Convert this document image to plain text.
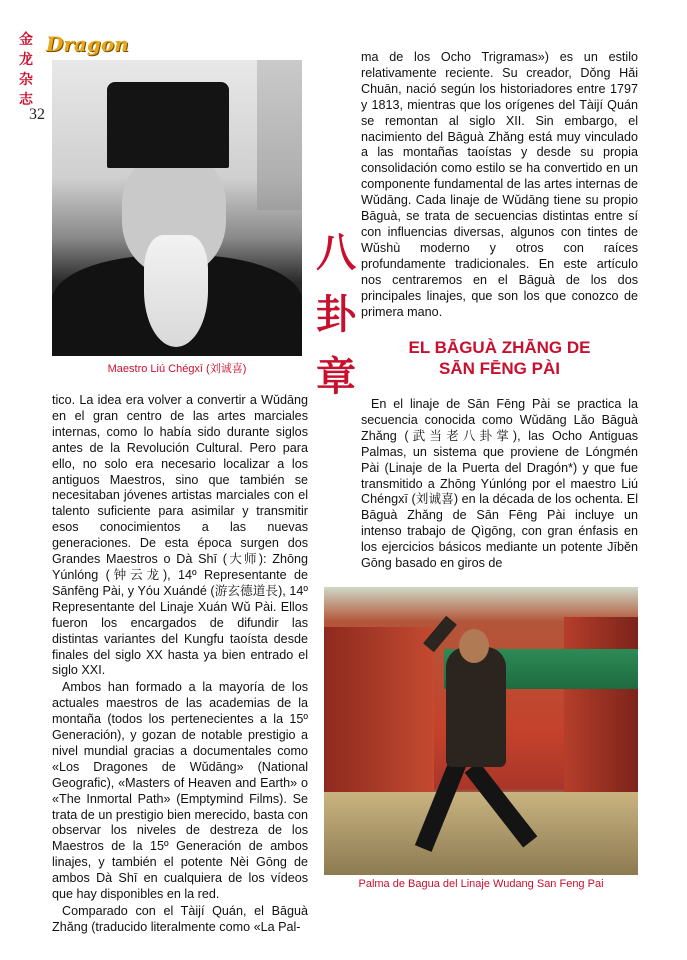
金
龙
杂
志
Dragon
32
Maestro Liú Chégxī (刘诚喜)
八
卦
章

tico. La idea era volver a convertir a Wǔdāng en el gran centro de las artes marciales internas, como lo había sido durante siglos antes de la Revolución Cultural. Pero para ello, no solo era necesario localizar a los antiguos Maestros, sino que también se necesitaban jóvenes artistas marciales con el talento suficiente para asimilar y transmitir esos conocimientos a las nuevas generaciones. De esta época surgen dos Grandes Maestros o Dà Shī (大师): Zhōng Yúnlóng (钟云龙), 14º Representante de Sānfēng Pài, y Yóu Xuándé (游玄德道長), 14º Representante del Linaje Xuán Wǔ Pài. Ellos fueron los encargados de difundir las distintas variantes del Kungfu taoísta desde finales del siglo XX hasta ya bien entrado el siglo XXI.

Ambos han formado a la mayoría de los actuales maestros de las academias de la montaña (todos los pertenecientes a la 15º Generación), y gozan de notable prestigio a nivel mundial gracias a documentales como «Los Dragones de Wǔdāng» (National Geografic), «Masters of Heaven and Earth» o «The Inmortal Path» (Emptymind Films). Se trata de un prestigio bien merecido, basta con observar los niveles de destreza de los Maestros de la 15º Generación de ambos linajes, y también el potente Nèi Gōng de ambos Dà Shī en cualquiera de los vídeos que hay disponibles en la red.

Comparado con el Tàijí Quán, el Bāguà Zhǎng (traducido literalmente como «La Pal-

ma de los Ocho Trigramas») es un estilo relativamente reciente. Su creador, Dǒng Hǎi Chuān, nació según los historiadores entre 1797 y 1813, mientras que los orígenes del Tàijí Quán se remontan al siglo XII. Sin embargo, el nacimiento del Bāguà Zhǎng está muy vinculado a las montañas taoístas y desde su propia consolidación como estilo se ha convertido en un componente fundamental de las artes internas de Wǔdāng. Cada linaje de Wǔdāng tiene su propio Bāguà, se trata de secuencias distintas entre sí con influencias diversas, algunos con tintes de Wǔshù moderno y otros con raíces profundamente tradicionales. En este artículo nos centraremos en el Bāguà de los dos principales linajes, que son los que conozco de primera mano.

EL BĀGUÀ ZHĀNG DE
SĀN FĒNG PÀI

En el linaje de Sān Fēng Pài se practica la secuencia conocida como Wǔdāng Lǎo Bāguà Zhǎng (武当老八卦掌), las Ocho Antiguas Palmas, un sistema que proviene de Lóngmén Pài (Linaje de la Puerta del Dragón*) y que fue transmitido a Zhōng Yúnlóng por el maestro Liú Chéngxī (刘诚喜) en la década de los ochenta. El Bāguà Zhǎng de Sān Fēng Pài incluye un intenso trabajo de Qìgōng, con gran énfasis en los ejercicios básicos mediante un potente Jīběn Gōng basado en giros de

Palma de Bagua del Linaje Wudang San Feng Pai
